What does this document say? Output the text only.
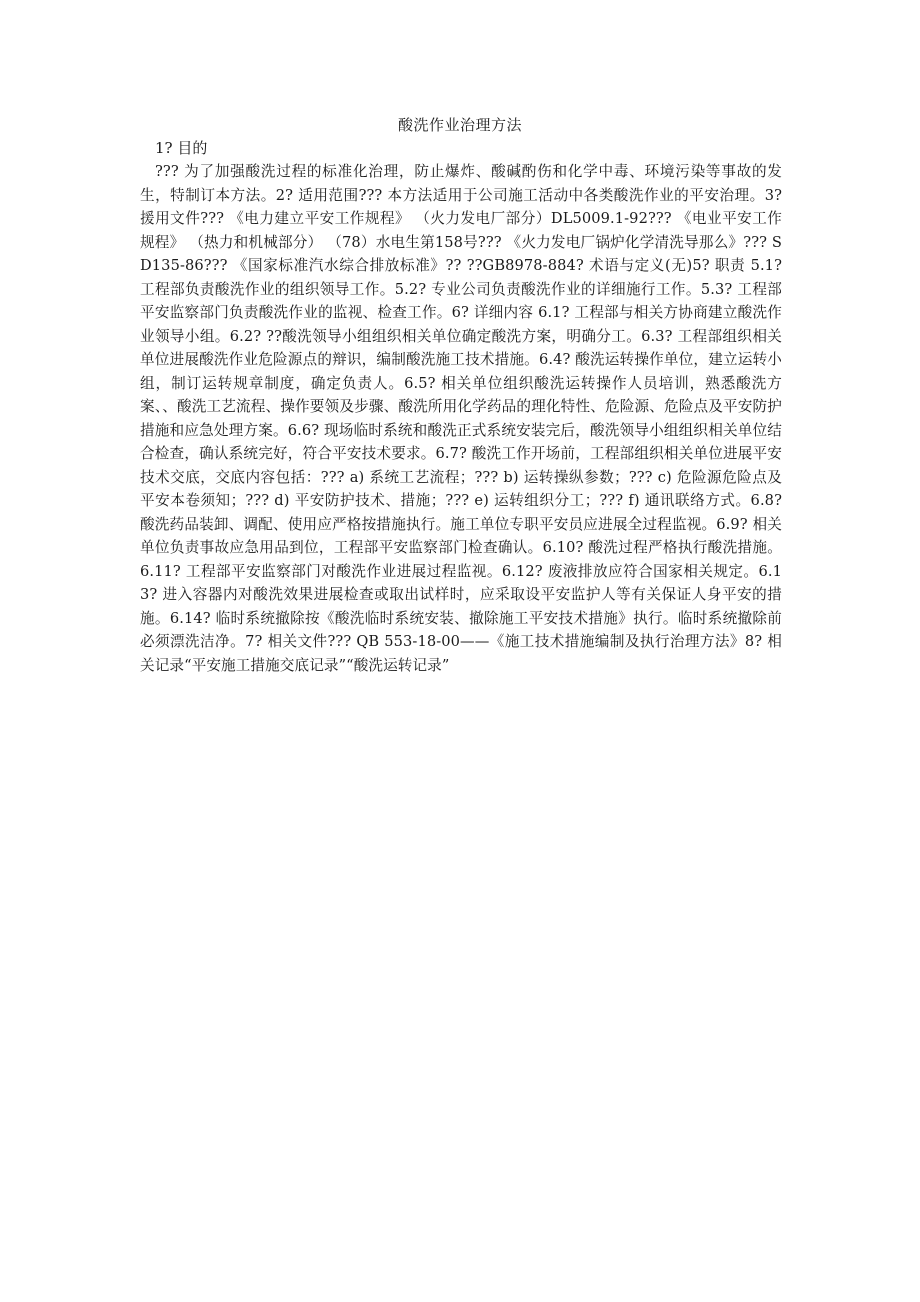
酸洗作业治理方法
1? 目的
??? 为了加强酸洗过程的标准化治理，防止爆炸、酸碱酌伤和化学中毒、环境污染等事故的发生，特制订本方法。2? 适用范围??? 本方法适用于公司施工活动中各类酸洗作业的平安治理。3? 援用文件??? 《电力建立平安工作规程》 （火力发电厂部分）DL5009.1-92??? 《电业平安工作规程》 （热力和机械部分） （78）水电生第158号??? 《火力发电厂锅炉化学清洗导那么》??? SD135-86??? 《国家标准汽水综合排放标准》?? ??GB8978-884? 术语与定义(无)5? 职责 5.1? 工程部负责酸洗作业的组织领导工作。5.2? 专业公司负责酸洗作业的详细施行工作。5.3? 工程部平安监察部门负责酸洗作业的监视、检查工作。6? 详细内容 6.1? 工程部与相关方协商建立酸洗作业领导小组。6.2? ??酸洗领导小组组织相关单位确定酸洗方案，明确分工。6.3? 工程部组织相关单位进展酸洗作业危险源点的辩识，编制酸洗施工技术措施。6.4? 酸洗运转操作单位，建立运转小组，制订运转规章制度，确定负责人。6.5? 相关单位组织酸洗运转操作人员培训，熟悉酸洗方案、、酸洗工艺流程、操作要领及步骤、酸洗所用化学药品的理化特性、危险源、危险点及平安防护措施和应急处理方案。6.6? 现场临时系统和酸洗正式系统安装完后，酸洗领导小组组织相关单位结合检查，确认系统完好，符合平安技术要求。6.7? 酸洗工作开场前，工程部组织相关单位进展平安技术交底，交底内容包括：??? a) 系统工艺流程；??? b) 运转操纵参数；??? c) 危险源危险点及平安本卷须知；??? d) 平安防护技术、措施；??? e) 运转组织分工；??? f) 通讯联络方式。6.8? 酸洗药品装卸、调配、使用应严格按措施执行。施工单位专职平安员应进展全过程监视。6.9? 相关单位负责事故应急用品到位，工程部平安监察部门检查确认。6.10? 酸洗过程严格执行酸洗措施。6.11? 工程部平安监察部门对酸洗作业进展过程监视。6.12? 废液排放应符合国家相关规定。6.13? 进入容器内对酸洗效果进展检查或取出试样时，应采取设平安监护人等有关保证人身平安的措施。6.14? 临时系统撤除按《酸洗临时系统安装、撤除施工平安技术措施》执行。临时系统撤除前必须漂洗洁净。7? 相关文件??? QB 553-18-00——《施工技术措施编制及执行治理方法》8? 相关记录“平安施工措施交底记录”“酸洗运转记录”
